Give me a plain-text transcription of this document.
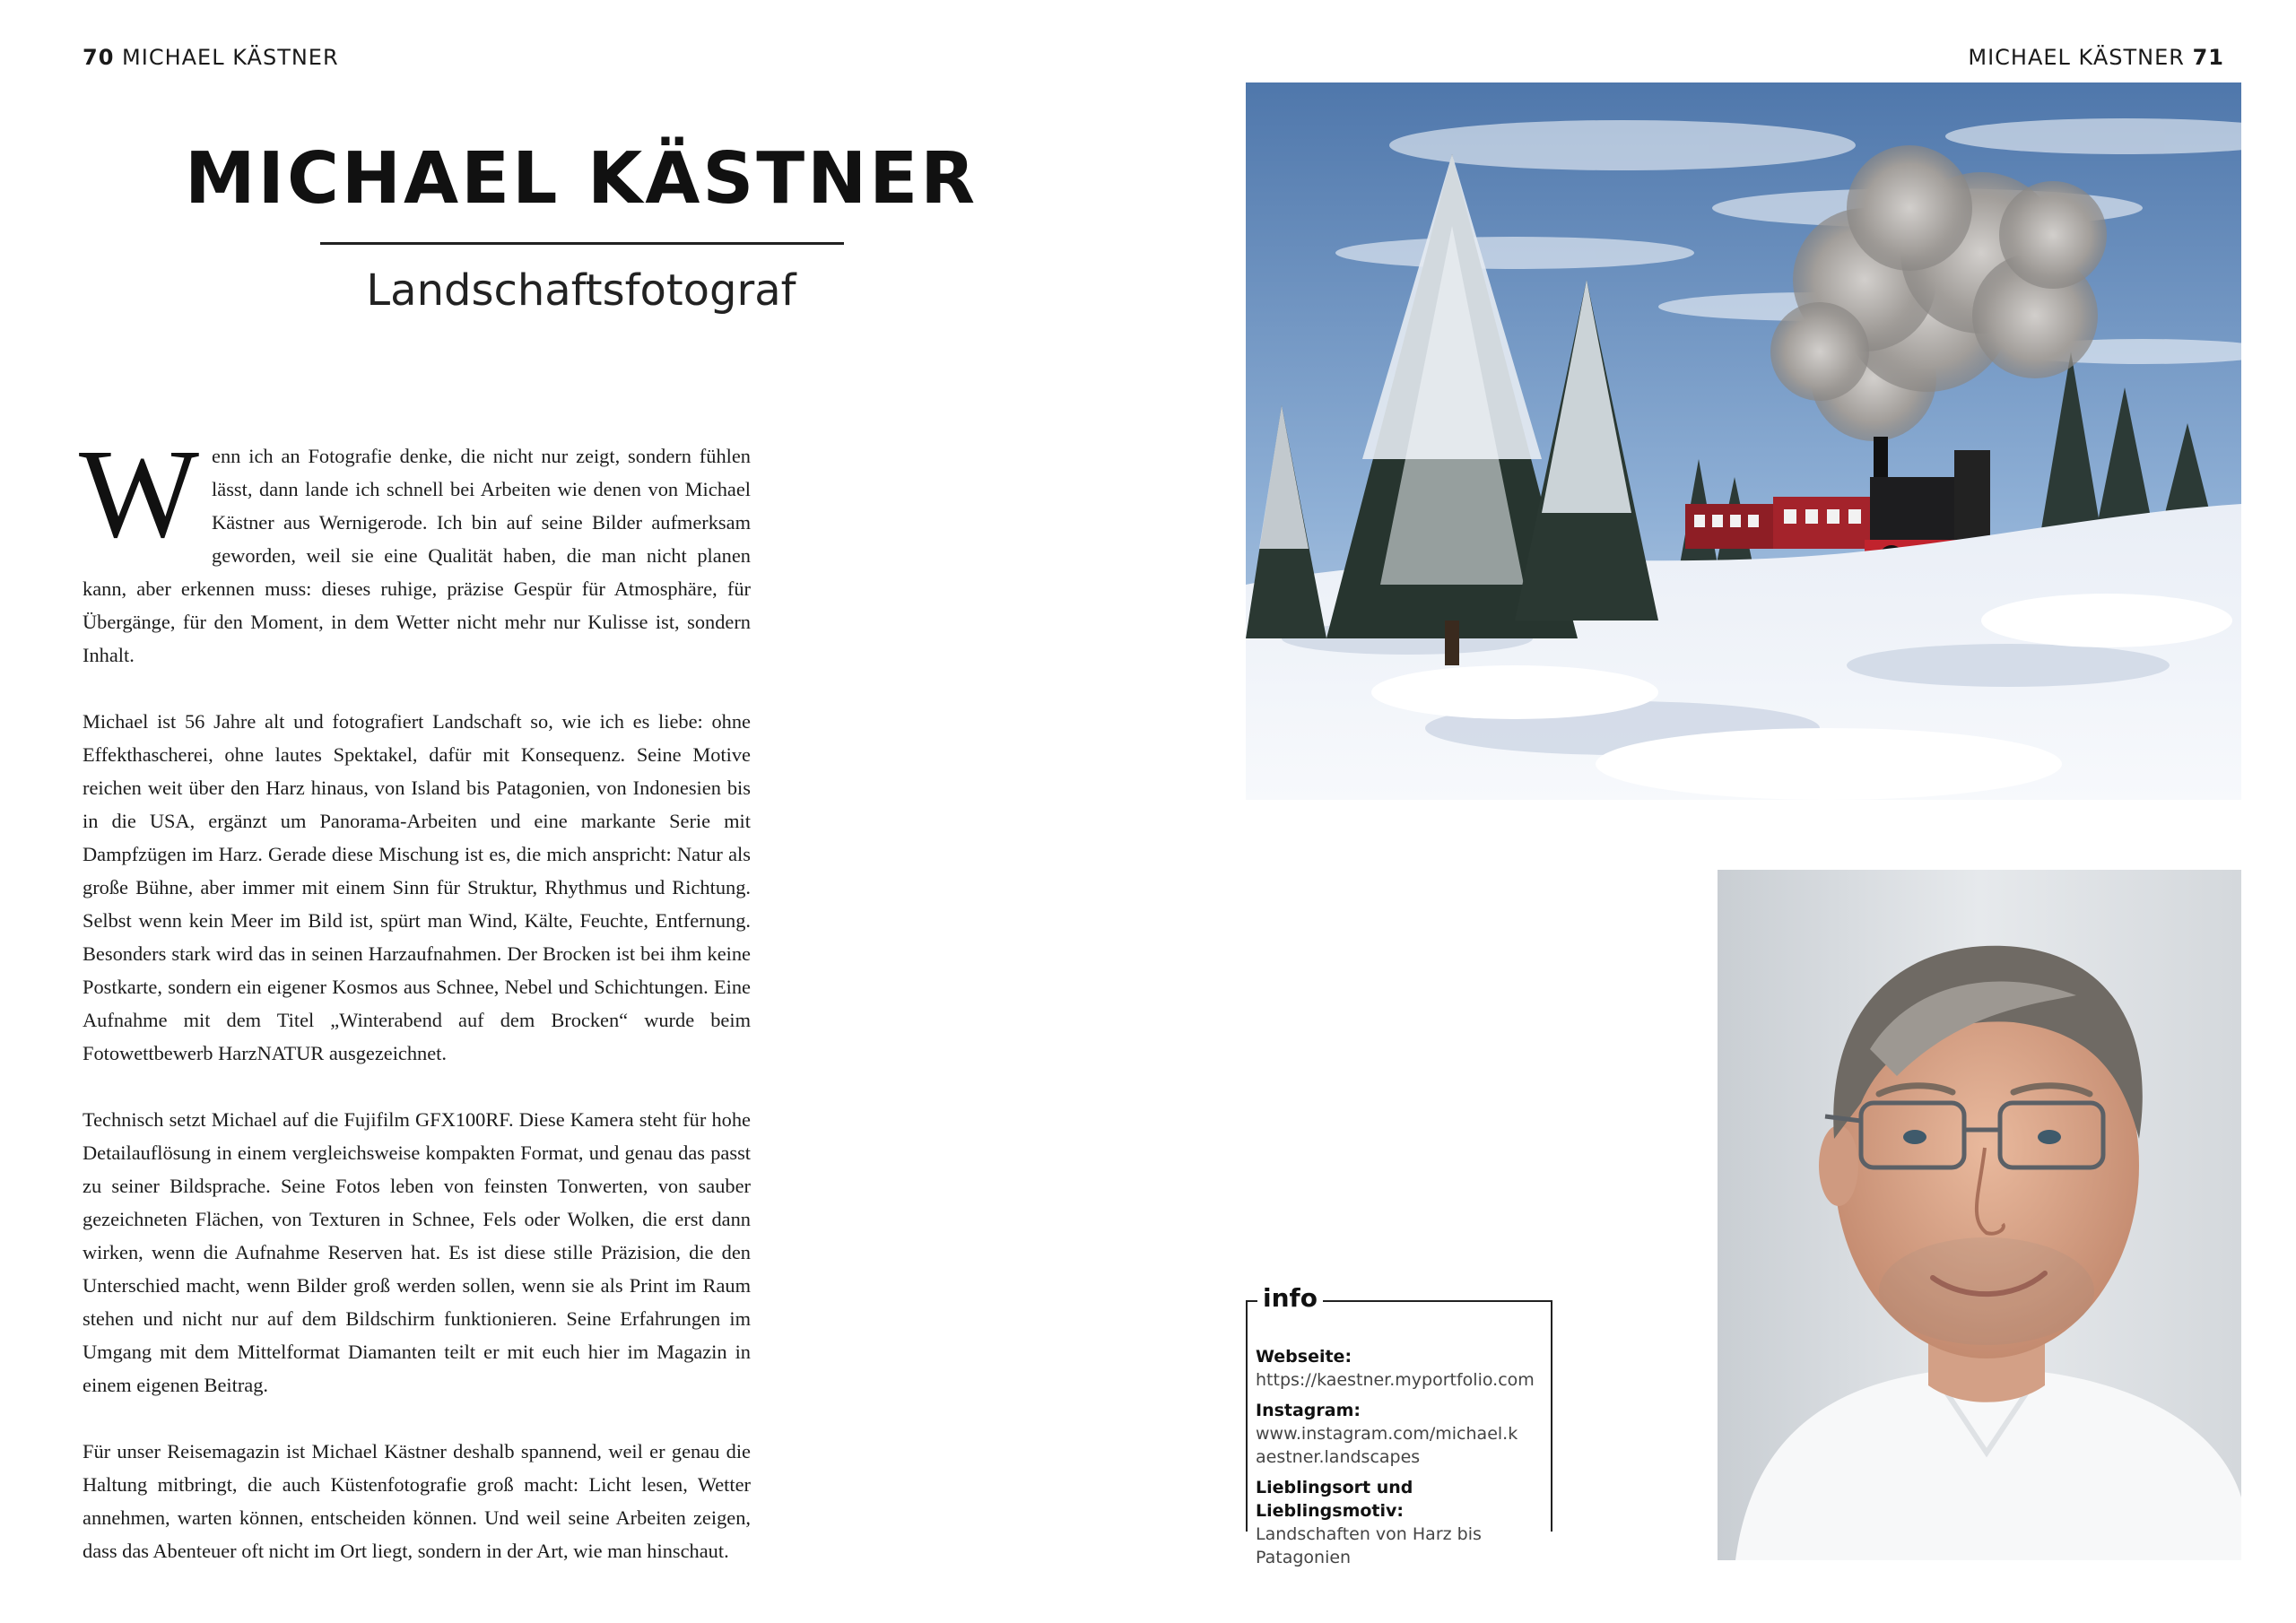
70 MICHAEL KÄSTNER	MICHAEL KÄSTNER 71
MICHAEL KÄSTNER
Landschaftsfotograf

Wenn ich an Fotografie denke, die nicht nur zeigt, sondern fühlen lässt, dann lande ich schnell bei Arbeiten wie denen von Michael Kästner aus Wernigerode. Ich bin auf seine Bilder aufmerksam geworden, weil sie eine Qualität haben, die man nicht planen kann, aber erkennen muss: dieses ruhige, präzise Gespür für Atmosphäre, für Übergänge, für den Moment, in dem Wetter nicht mehr nur Kulisse ist, sondern Inhalt.

Michael ist 56 Jahre alt und fotografiert Landschaft so, wie ich es liebe: ohne Effekthascherei, ohne lautes Spektakel, dafür mit Konsequenz. Seine Motive reichen weit über den Harz hinaus, von Island bis Patagonien, von Indonesien bis in die USA, ergänzt um Panorama-Arbeiten und eine markante Serie mit Dampfzügen im Harz. Gerade diese Mischung ist es, die mich anspricht: Natur als große Bühne, aber immer mit einem Sinn für Struktur, Rhythmus und Richtung. Selbst wenn kein Meer im Bild ist, spürt man Wind, Kälte, Feuchte, Entfernung. Besonders stark wird das in seinen Harzaufnahmen. Der Brocken ist bei ihm keine Postkarte, sondern ein eigener Kosmos aus Schnee, Nebel und Schichtungen. Eine Aufnahme mit dem Titel „Winterabend auf dem Brocken“ wurde beim Fotowettbewerb HarzNATUR ausgezeichnet.

Technisch setzt Michael auf die Fujifilm GFX100RF. Diese Kamera steht für hohe Detailauflösung in einem vergleichsweise kompakten Format, und genau das passt zu seiner Bildsprache. Seine Fotos leben von feinsten Tonwerten, von sauber gezeichneten Flächen, von Texturen in Schnee, Fels oder Wolken, die erst dann wirken, wenn die Aufnahme Reserven hat. Es ist diese stille Präzision, die den Unterschied macht, wenn Bilder groß werden sollen, wenn sie als Print im Raum stehen und nicht nur auf dem Bildschirm funktionieren. Seine Erfahrungen im Umgang mit dem Mittelformat Diamanten teilt er mit euch hier im Magazin in einem eigenen Beitrag.

Für unser Reisemagazin ist Michael Kästner deshalb spannend, weil er genau die Haltung mitbringt, die auch Küstenfotografie groß macht: Licht lesen, Wetter annehmen, warten können, entscheiden können. Und weil seine Arbeiten zeigen, dass das Abenteuer oft nicht im Ort liegt, sondern in der Art, wie man hinschaut.

info
Webseite:
https://kaestner.myportfolio.com
Instagram:
www.instagram.com/michael.kaestner.landscapes
Lieblingsort und Lieblingsmotiv:
Landschaften von Harz bis Patagonien
